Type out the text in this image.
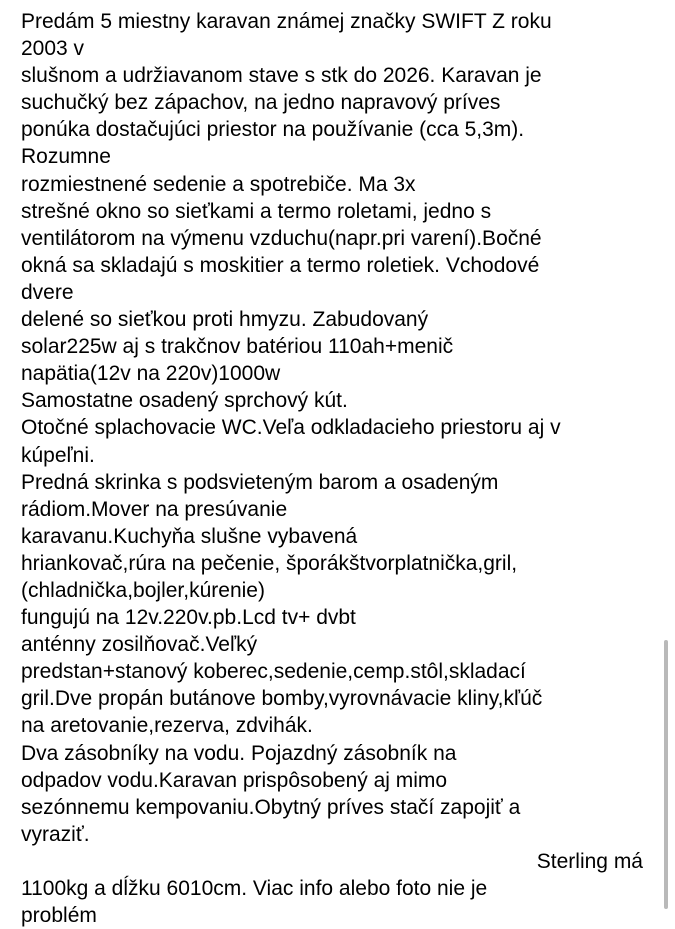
Predám 5 miestny karavan známej značky SWIFT Z roku
2003 v
slušnom a udržiavanom stave s stk do 2026. Karavan je
suchučký bez zápachov, na jedno napravový príves
ponúka dostačujúci priestor na používanie (cca 5,3m).
Rozumne
rozmiestnené sedenie a spotrebiče. Ma 3x
strešné okno so sieťkami a termo roletami, jedno s
ventilátorom na výmenu vzduchu(napr.pri varení).Bočné
okná sa skladajú s moskitier a termo roletiek. Vchodové
dvere
delené so sieťkou proti hmyzu. Zabudovaný
solar225w aj s trakčnov batériou 110ah+menič
napätia(12v na 220v)1000w
Samostatne osadený sprchový kút.
Otočné splachovacie WC.Veľa odkladacieho priestoru aj v
kúpeľni.
Predná skrinka s podsvieteným barom a osadeným
rádiom.Mover na presúvanie
karavanu.Kuchyňa slušne vybavená
hriankovač,rúra na pečenie, šporákštvorplatnička,gril,
(chladnička,bojler,kúrenie)
fungujú na 12v.220v.pb.Lcd tv+ dvbt
anténny zosilňovač.Veľký
predstan+stanový koberec,sedenie,cemp.stôl,skladací
gril.Dve propán butánove bomby,vyrovnávacie kliny,kľúč
na aretovanie,rezerva, zdvihák.
Dva zásobníky na vodu. Pojazdný zásobník na
odpadov vodu.Karavan prispôsobený aj mimo
sezónnemu kempovaniu.Obytný príves stačí zapojiť a
vyraziť.
Sterling má
1100kg a dĺžku 6010cm. Viac info alebo foto nie je
problém
